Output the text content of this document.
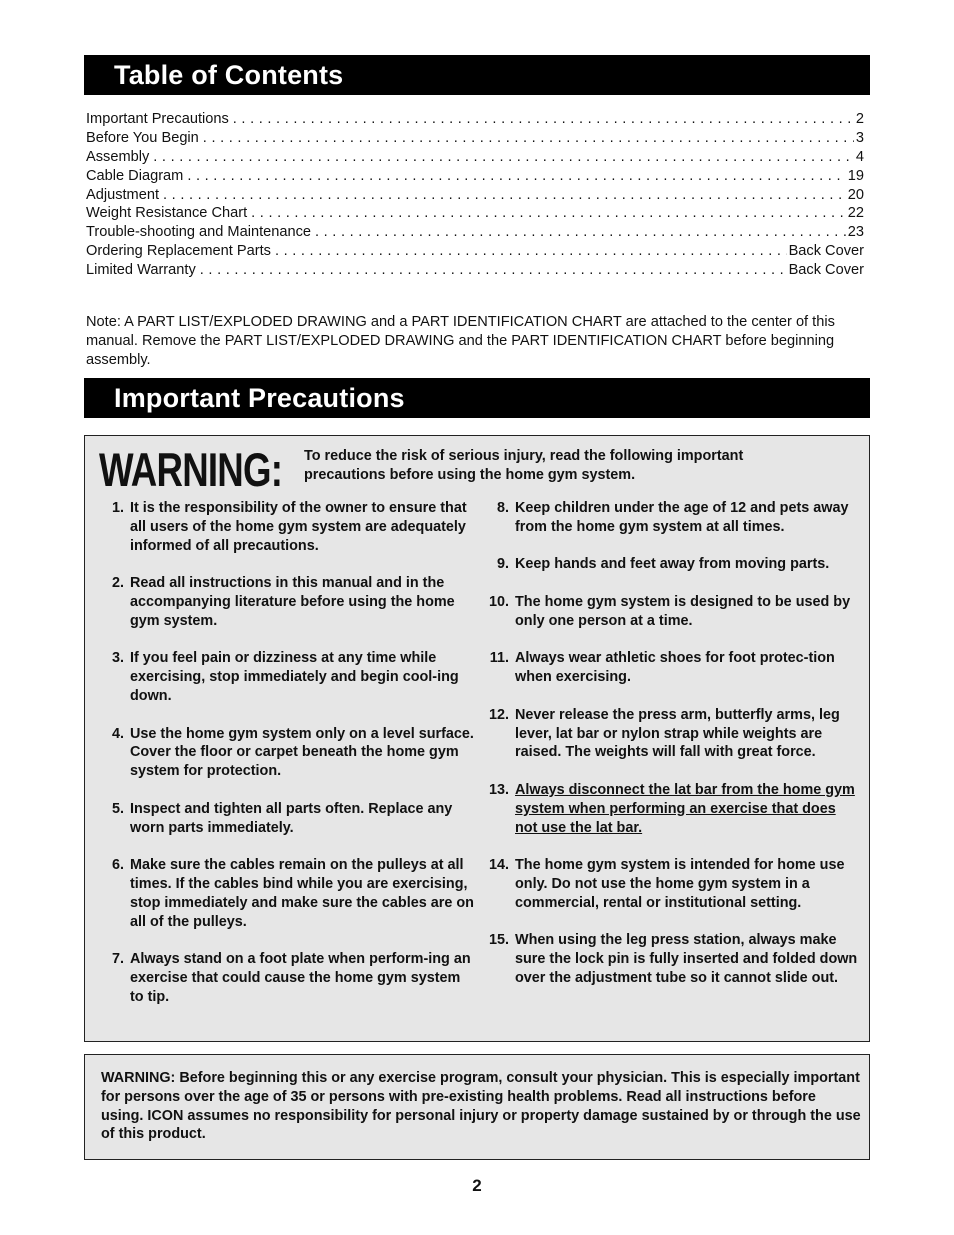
Table of Contents
Important Precautions .....	2
Before You Begin .....	3
Assembly .....	4
Cable Diagram .....	19
Adjustment .....	20
Weight Resistance Chart .....	22
Trouble-shooting and Maintenance .....	23
Ordering Replacement Parts .....	Back Cover
Limited Warranty .....	Back Cover

Note: A PART LIST/EXPLODED DRAWING and a PART IDENTIFICATION CHART are attached to the center of this manual. Remove the PART LIST/EXPLODED DRAWING and the PART IDENTIFICATION CHART before beginning assembly.

Important Precautions
WARNING: To reduce the risk of serious injury, read the following important precautions before using the home gym system.
1. It is the responsibility of the owner to ensure that all users of the home gym system are adequately informed of all precautions.
2. Read all instructions in this manual and in the accompanying literature before using the home gym system.
3. If you feel pain or dizziness at any time while exercising, stop immediately and begin cool-ing down.
4. Use the home gym system only on a level surface. Cover the floor or carpet beneath the home gym system for protection.
5. Inspect and tighten all parts often. Replace any worn parts immediately.
6. Make sure the cables remain on the pulleys at all times. If the cables bind while you are exercising, stop immediately and make sure the cables are on all of the pulleys.
7. Always stand on a foot plate when perform-ing an exercise that could cause the home gym system to tip.
8. Keep children under the age of 12 and pets away from the home gym system at all times.
9. Keep hands and feet away from moving parts.
10. The home gym system is designed to be used by only one person at a time.
11. Always wear athletic shoes for foot protec-tion when exercising.
12. Never release the press arm, butterfly arms, leg lever, lat bar or nylon strap while weights are raised. The weights will fall with great force.
13. Always disconnect the lat bar from the home gym system when performing an exercise that does not use the lat bar.
14. The home gym system is intended for home use only. Do not use the home gym system in a commercial, rental or institutional setting.
15. When using the leg press station, always make sure the lock pin is fully inserted and folded down over the adjustment tube so it cannot slide out.

WARNING: Before beginning this or any exercise program, consult your physician. This is especially important for persons over the age of 35 or persons with pre-existing health problems. Read all instructions before using. ICON assumes no responsibility for personal injury or property damage sustained by or through the use of this product.

2
